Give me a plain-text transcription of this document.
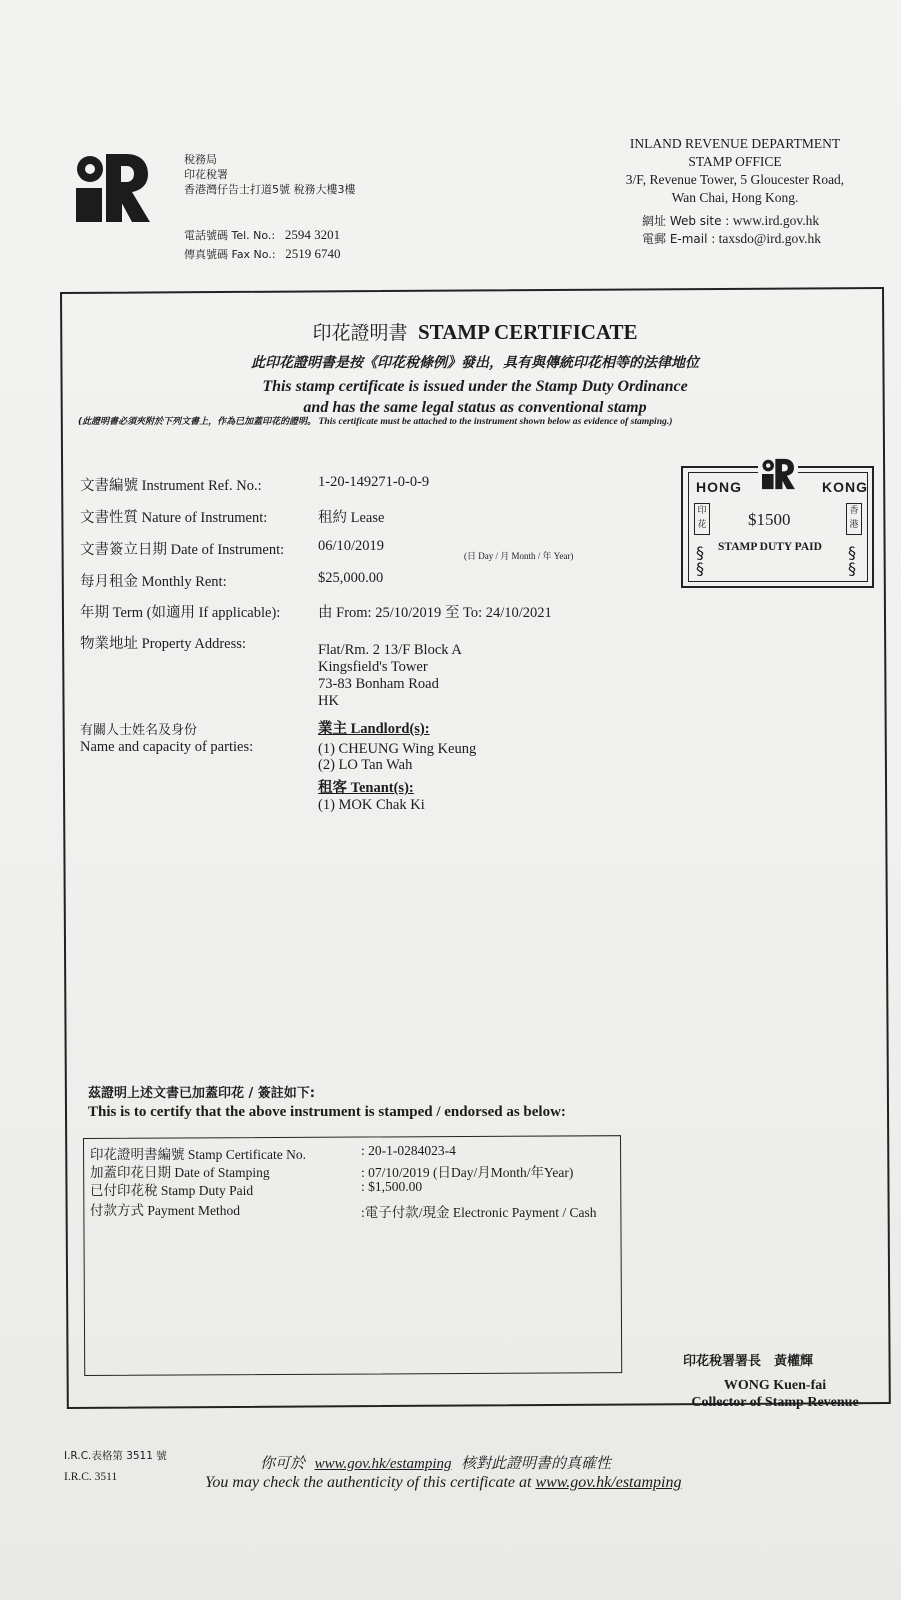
稅務局
印花稅署
香港灣仔告士打道5號 稅務大樓3樓
電話號碼 Tel. No.: 2594 3201
傳真號碼 Fax No.: 2519 6740
INLAND REVENUE DEPARTMENT
STAMP OFFICE
3/F, Revenue Tower, 5 Gloucester Road,
Wan Chai, Hong Kong.
網址 Web site : www.ird.gov.hk
電郵 E-mail : taxsdo@ird.gov.hk
印花證明書 STAMP CERTIFICATE
此印花證明書是按《印花稅條例》發出，具有與傳統印花相等的法律地位
This stamp certificate is issued under the Stamp Duty Ordinance
and has the same legal status as conventional stamp
(此證明書必須夾附於下列文書上，作為已加蓋印花的證明。 This certificate must be attached to the instrument shown below as evidence of stamping.)
文書編號 Instrument Ref. No.:	1-20-149271-0-0-9
文書性質 Nature of Instrument:	租約 Lease
文書簽立日期 Date of Instrument: 06/10/2019
(日 Day / 月 Month / 年 Year)
每月租金 Monthly Rent:	$25,000.00
年期 Term (如適用 If applicable):	由 From: 25/10/2019 至 To: 24/10/2021
物業地址 Property Address:	Flat/Rm. 2 13/F Block A
Kingsfield's Tower
73-83 Bonham Road
HK
有關人士姓名及身份
Name and capacity of parties:
業主 Landlord(s):
(1) CHEUNG Wing Keung
(2) LO Tan Wah
租客 Tenant(s):
(1) MOK Chak Ki
HONG	KONG
$1500
STAMP DUTY PAID
印花
香港
§
§
§
§
茲證明上述文書已加蓋印花 / 簽註如下:
This is to certify that the above instrument is stamped / endorsed as below:
印花證明書編號 Stamp Certificate No.	: 20-1-0284023-4
加蓋印花日期 Date of Stamping	: 07/10/2019 (日Day/月Month/年Year)
已付印花稅 Stamp Duty Paid	: $1,500.00
付款方式 Payment Method	:電子付款/現金 Electronic Payment / Cash
印花稅署署長　黃權輝
WONG Kuen-fai
Collector of Stamp Revenue
I.R.C.表格第 3511 號
I.R.C. 3511
你可於 www.gov.hk/estamping 核對此證明書的真確性
You may check the authenticity of this certificate at www.gov.hk/estamping
